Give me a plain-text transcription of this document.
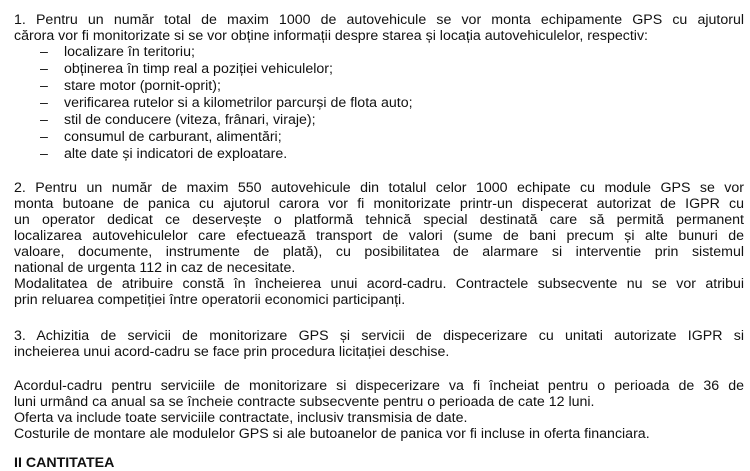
1. Pentru un număr total de maxim 1000 de autovehicule se vor monta echipamente GPS cu ajutorul
cărora vor fi monitorizate si se vor obține informații despre starea și locația autovehiculelor, respectiv:
– localizare în teritoriu;
– obținerea în timp real a poziției vehiculelor;
– stare motor (pornit-oprit);
– verificarea rutelor si a kilometrilor parcurși de flota auto;
– stil de conducere (viteza, frânari, viraje);
– consumul de carburant, alimentări;
– alte date și indicatori de exploatare.
2. Pentru un număr de maxim 550 autovehicule din totalul celor 1000 echipate cu module GPS se vor
monta butoane de panica cu ajutorul carora vor fi monitorizate printr-un dispecerat autorizat de IGPR cu
un operator dedicat ce deservește o platformă tehnică special destinată care să permită permanent
localizarea autovehiculelor care efectuează transport de valori (sume de bani precum și alte bunuri de
valoare, documente, instrumente de plată), cu posibilitatea de alarmare si interventie prin sistemul
national de urgenta 112 in caz de necesitate.
Modalitatea de atribuire constă în încheierea unui acord-cadru. Contractele subsecvente nu se vor atribui
prin reluarea competiției între operatorii economici participanți.
3. Achizitia de servicii de monitorizare GPS și servicii de dispecerizare cu unitati autorizate IGPR si
incheierea unui acord-cadru se face prin procedura licitației deschise.
Acordul-cadru pentru serviciile de monitorizare si dispecerizare va fi încheiat pentru o perioada de 36 de
luni urmând ca anual sa se încheie contracte subsecvente pentru o perioada de cate 12 luni.
Oferta va include toate serviciile contractate, inclusiv transmisia de date.
Costurile de montare ale modulelor GPS si ale butoanelor de panica vor fi incluse in oferta financiara.
II CANTITATEA
